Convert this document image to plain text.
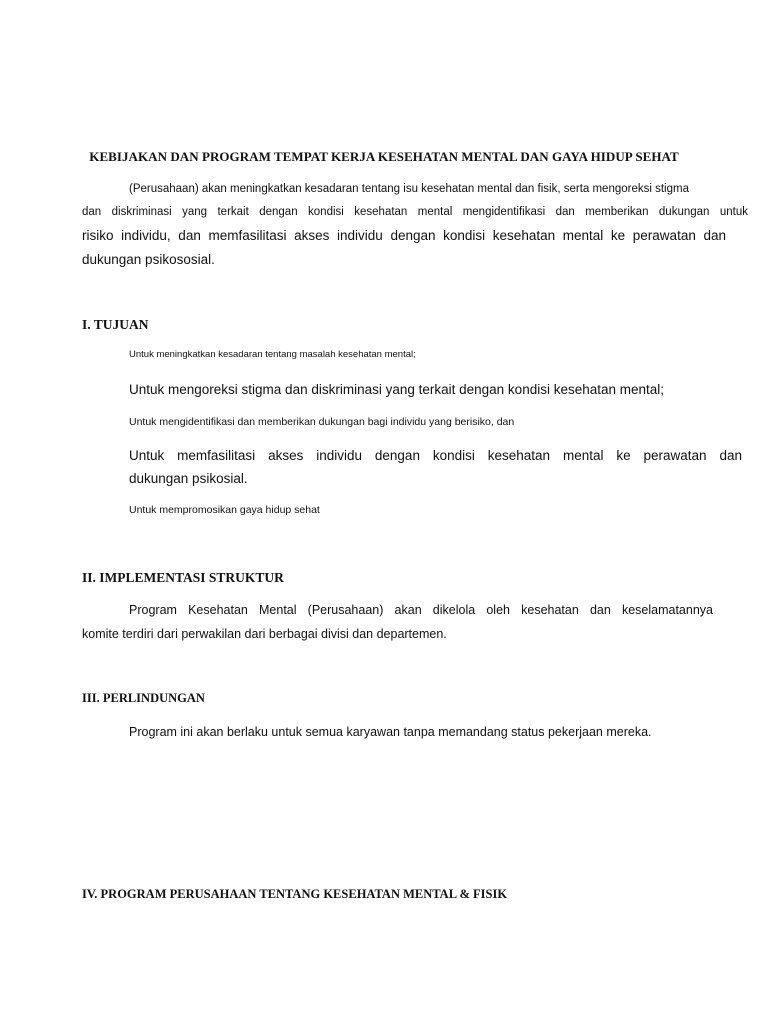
KEBIJAKAN DAN PROGRAM TEMPAT KERJA KESEHATAN MENTAL DAN GAYA HIDUP SEHAT
(Perusahaan) akan meningkatkan kesadaran tentang isu kesehatan mental dan fisik, serta mengoreksi stigma
dan diskriminasi yang terkait dengan kondisi kesehatan mental mengidentifikasi dan memberikan dukungan untuk
risiko individu, dan memfasilitasi akses individu dengan kondisi kesehatan mental ke perawatan dan
dukungan psikososial.
I. TUJUAN
Untuk meningkatkan kesadaran tentang masalah kesehatan mental;
Untuk mengoreksi stigma dan diskriminasi yang terkait dengan kondisi kesehatan mental;
Untuk mengidentifikasi dan memberikan dukungan bagi individu yang berisiko, dan
Untuk memfasilitasi akses individu dengan kondisi kesehatan mental ke perawatan dan
dukungan psikosial.
Untuk mempromosikan gaya hidup sehat
II. IMPLEMENTASI STRUKTUR
Program Kesehatan Mental (Perusahaan) akan dikelola oleh kesehatan dan keselamatannya
komite terdiri dari perwakilan dari berbagai divisi dan departemen.
III. PERLINDUNGAN
Program ini akan berlaku untuk semua karyawan tanpa memandang status pekerjaan mereka.
IV. PROGRAM PERUSAHAAN TENTANG KESEHATAN MENTAL & FISIK
